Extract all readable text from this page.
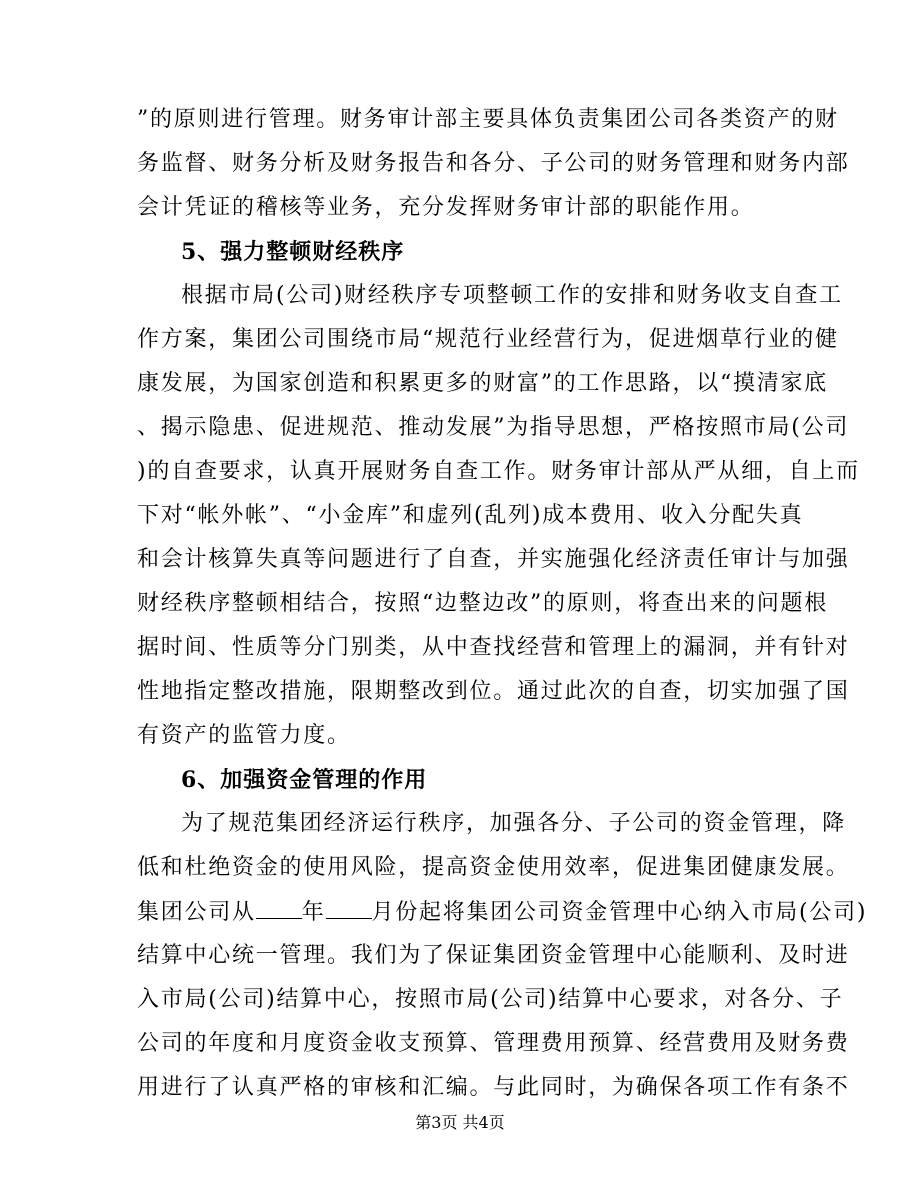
”的原则进行管理。财务审计部主要具体负责集团公司各类资产的财
务监督、财务分析及财务报告和各分、子公司的财务管理和财务内部
会计凭证的稽核等业务，充分发挥财务审计部的职能作用。
5、强力整顿财经秩序
根据市局(公司)财经秩序专项整顿工作的安排和财务收支自查工
作方案，集团公司围绕市局“规范行业经营行为，促进烟草行业的健
康发展，为国家创造和积累更多的财富”的工作思路，以“摸清家底
、揭示隐患、促进规范、推动发展”为指导思想，严格按照市局(公司
)的自查要求，认真开展财务自查工作。财务审计部从严从细，自上而
下对“帐外帐”、“小金库”和虚列(乱列)成本费用、收入分配失真
和会计核算失真等问题进行了自查，并实施强化经济责任审计与加强
财经秩序整顿相结合，按照“边整边改”的原则，将查出来的问题根
据时间、性质等分门别类，从中查找经营和管理上的漏洞，并有针对
性地指定整改措施，限期整改到位。通过此次的自查，切实加强了国
有资产的监管力度。
6、加强资金管理的作用
为了规范集团经济运行秩序，加强各分、子公司的资金管理，降
低和杜绝资金的使用风险，提高资金使用效率，促进集团健康发展。
集团公司从 年 月份起将集团公司资金管理中心纳入市局(公司)
结算中心统一管理。我们为了保证集团资金管理中心能顺利、及时进
入市局(公司)结算中心，按照市局(公司)结算中心要求，对各分、子
公司的年度和月度资金收支预算、管理费用预算、经营费用及财务费
用进行了认真严格的审核和汇编。与此同时，为确保各项工作有条不
第3页 共4页
